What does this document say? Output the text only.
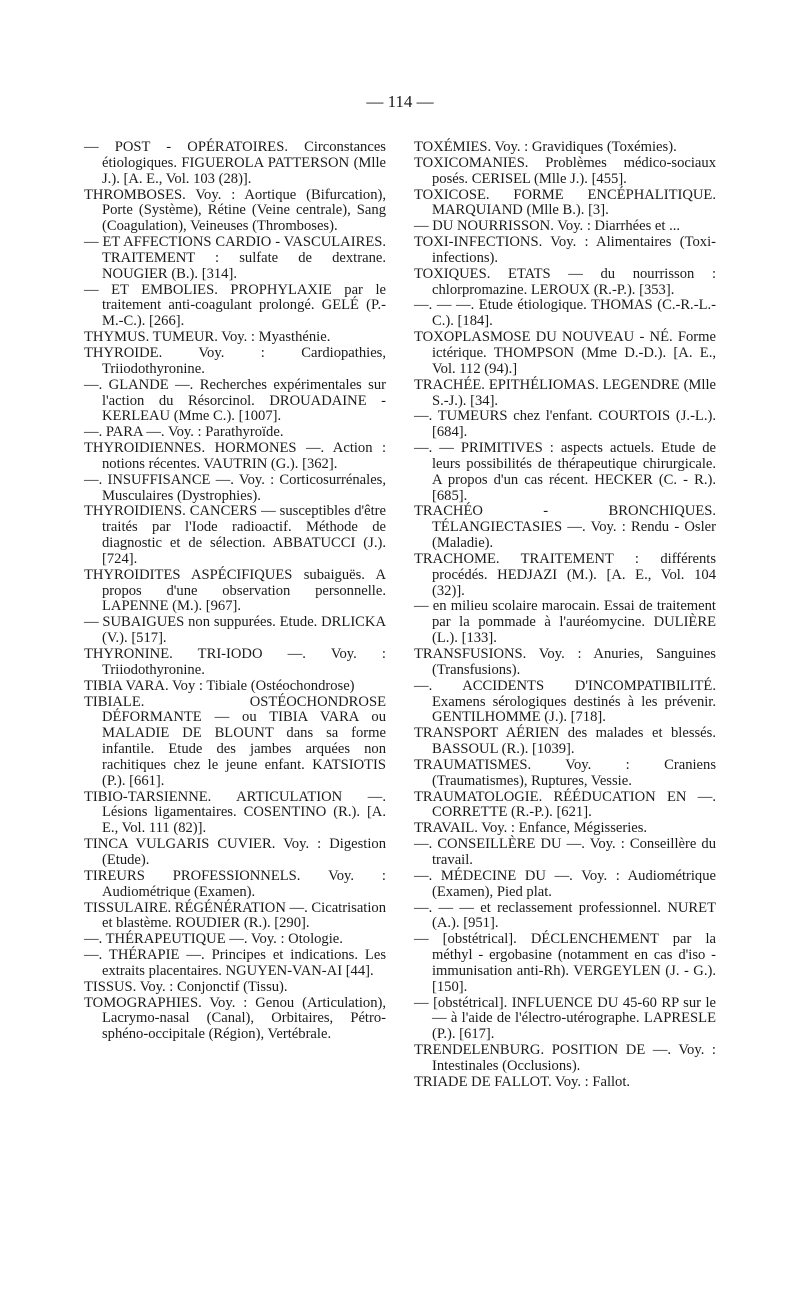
— 114 —

— POST - OPÉRATOIRES. Circonstances étiologiques. FIGUEROLA PATTERSON (Mlle J.). [A. E., Vol. 103 (28)].

THROMBOSES. Voy. : Aortique (Bifurcation), Porte (Système), Rétine (Veine centrale), Sang (Coagulation), Veineuses (Thromboses).

— ET AFFECTIONS CARDIO - VASCULAIRES. TRAITEMENT : sulfate de dextrane. NOUGIER (B.). [314].

— ET EMBOLIES. PROPHYLAXIE par le traitement anti-coagulant prolongé. GELÉ (P.-M.-C.). [266].

THYMUS. TUMEUR. Voy. : Myasthénie.

THYROIDE. Voy. : Cardiopathies, Triiodothyronine.

—. GLANDE —. Recherches expérimentales sur l'action du Résorcinol. DROUADAINE - KERLEAU (Mme C.). [1007].

—. PARA —. Voy. : Parathyroïde.

THYROIDIENNES. HORMONES —. Action : notions récentes. VAUTRIN (G.). [362].

—. INSUFFISANCE —. Voy. : Corticosurrénales, Musculaires (Dystrophies).

THYROIDIENS. CANCERS — susceptibles d'être traités par l'Iode radioactif. Méthode de diagnostic et de sélection. ABBATUCCI (J.). [724].

THYROIDITES ASPÉCIFIQUES subaiguës. A propos d'une observation personnelle. LAPENNE (M.). [967].

— SUBAIGUES non suppurées. Etude. DRLICKA (V.). [517].

THYRONINE. TRI-IODO —. Voy. : Triiodothyronine.

TIBIA VARA. Voy : Tibiale (Ostéochondrose)

TIBIALE. OSTÉOCHONDROSE DÉFORMANTE — ou TIBIA VARA ou MALADIE DE BLOUNT dans sa forme infantile. Etude des jambes arquées non rachitiques chez le jeune enfant. KATSIOTIS (P.). [661].

TIBIO-TARSIENNE. ARTICULATION —. Lésions ligamentaires. COSENTINO (R.). [A. E., Vol. 111 (82)].

TINCA VULGARIS CUVIER. Voy. : Digestion (Etude).

TIREURS PROFESSIONNELS. Voy. : Audiométrique (Examen).

TISSULAIRE. RÉGÉNÉRATION —. Cicatrisation et blastème. ROUDIER (R.). [290].

—. THÉRAPEUTIQUE —. Voy. : Otologie.

—. THÉRAPIE —. Principes et indications. Les extraits placentaires. NGUYEN-VAN-AI [44].

TISSUS. Voy. : Conjonctif (Tissu).

TOMOGRAPHIES. Voy. : Genou (Articulation), Lacrymo-nasal (Canal), Orbitaires, Pétro-sphéno-occipitale (Région), Vertébrale.

TOXÉMIES. Voy. : Gravidiques (Toxémies).

TOXICOMANIES. Problèmes médico-sociaux posés. CERISEL (Mlle J.). [455].

TOXICOSE. FORME ENCÉPHALITIQUE. MARQUIAND (Mlle B.). [3].

— DU NOURRISSON. Voy. : Diarrhées et ...

TOXI-INFECTIONS. Voy. : Alimentaires (Toxi-infections).

TOXIQUES. ETATS — du nourrisson : chlorpromazine. LEROUX (R.-P.). [353].

—. — —. Etude étiologique. THOMAS (C.-R.-L.-C.). [184].

TOXOPLASMOSE DU NOUVEAU - NÉ. Forme ictérique. THOMPSON (Mme D.-D.). [A. E., Vol. 112 (94).]

TRACHÉE. EPITHÉLIOMAS. LEGENDRE (Mlle S.-J.). [34].

—. TUMEURS chez l'enfant. COURTOIS (J.-L.). [684].

—. — PRIMITIVES : aspects actuels. Etude de leurs possibilités de thérapeutique chirurgicale. A propos d'un cas récent. HECKER (C. - R.). [685].

TRACHÉO - BRONCHIQUES. TÉLANGIECTASIES —. Voy. : Rendu - Osler (Maladie).

TRACHOME. TRAITEMENT : différents procédés. HEDJAZI (M.). [A. E., Vol. 104 (32)].

— en milieu scolaire marocain. Essai de traitement par la pommade à l'auréomycine. DULIÈRE (L.). [133].

TRANSFUSIONS. Voy. : Anuries, Sanguines (Transfusions).

—. ACCIDENTS D'INCOMPATIBILITÉ. Examens sérologiques destinés à les prévenir. GENTILHOMME (J.). [718].

TRANSPORT AÉRIEN des malades et blessés. BASSOUL (R.). [1039].

TRAUMATISMES. Voy. : Craniens (Traumatismes), Ruptures, Vessie.

TRAUMATOLOGIE. RÉÉDUCATION EN —. CORRETTE (R.-P.). [621].

TRAVAIL. Voy. : Enfance, Mégisseries.

—. CONSEILLÈRE DU —. Voy. : Conseillère du travail.

—. MÉDECINE DU —. Voy. : Audiométrique (Examen), Pied plat.

—. — — et reclassement professionnel. NURET (A.). [951].

— [obstétrical]. DÉCLENCHEMENT par la méthyl - ergobasine (notamment en cas d'iso - immunisation anti-Rh). VERGEYLEN (J. - G.). [150].

— [obstétrical]. INFLUENCE DU 45-60 RP sur le — à l'aide de l'électro-utérographe. LAPRESLE (P.). [617].

TRENDELENBURG. POSITION DE —. Voy. : Intestinales (Occlusions).

TRIADE DE FALLOT. Voy. : Fallot.
